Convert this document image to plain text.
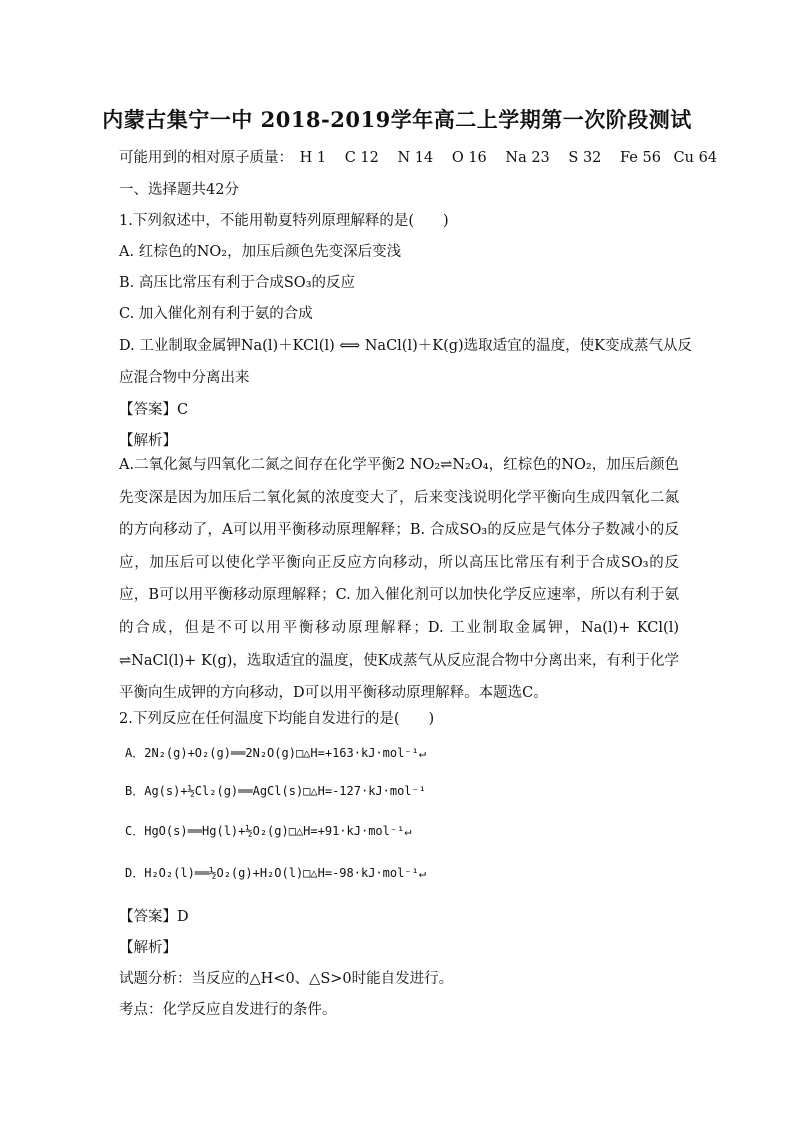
内蒙古集宁一中 2018-2019学年高二上学期第一次阶段测试
可能用到的相对原子质量： H 1 C 12 N 14 O 16 Na 23 S 32 Fe 56 Cu 64
一、选择题共42分
1.下列叙述中，不能用勒夏特列原理解释的是(　　)
A. 红棕色的NO₂，加压后颜色先变深后变浅
B. 高压比常压有利于合成SO₃的反应
C. 加入催化剂有利于氨的合成
D. 工业制取金属钾Na(l)＋KCl(l) ⟺ NaCl(l)＋K(g)选取适宜的温度，使K变成蒸气从反
应混合物中分离出来
【答案】C
【解析】
A.二氧化氮与四氧化二氮之间存在化学平衡2 NO₂⇌N₂O₄，红棕色的NO₂，加压后颜色先变深是因为加压后二氧化氮的浓度变大了，后来变浅说明化学平衡向生成四氧化二氮的方向移动了，A可以用平衡移动原理解释；B. 合成SO₃的反应是气体分子数减小的反应，加压后可以使化学平衡向正反应方向移动，所以高压比常压有利于合成SO₃的反应，B可以用平衡移动原理解释；C. 加入催化剂可以加快化学反应速率，所以有利于氨的合成，但是不可以用平衡移动原理解释；D. 工业制取金属钾，Na(l)+ KCl(l) ⇌NaCl(l)+ K(g)，选取适宜的温度，使K成蒸气从反应混合物中分离出来，有利于化学平衡向生成钾的方向移动，D可以用平衡移动原理解释。本题选C。
2.下列反应在任何温度下均能自发进行的是(　　)
A．2N₂(g)+O₂(g)══2N₂O(g)□△H=+163·kJ·mol⁻¹↵
B．Ag(s)+½Cl₂(g)══AgCl(s)□△H=-127·kJ·mol⁻¹
C．HgO(s)══Hg(l)+½O₂(g)□△H=+91·kJ·mol⁻¹↵
D．H₂O₂(l)══½O₂(g)+H₂O(l)□△H=-98·kJ·mol⁻¹↵
【答案】D
【解析】
试题分析：当反应的△H<0、△S>0时能自发进行。
考点：化学反应自发进行的条件。
